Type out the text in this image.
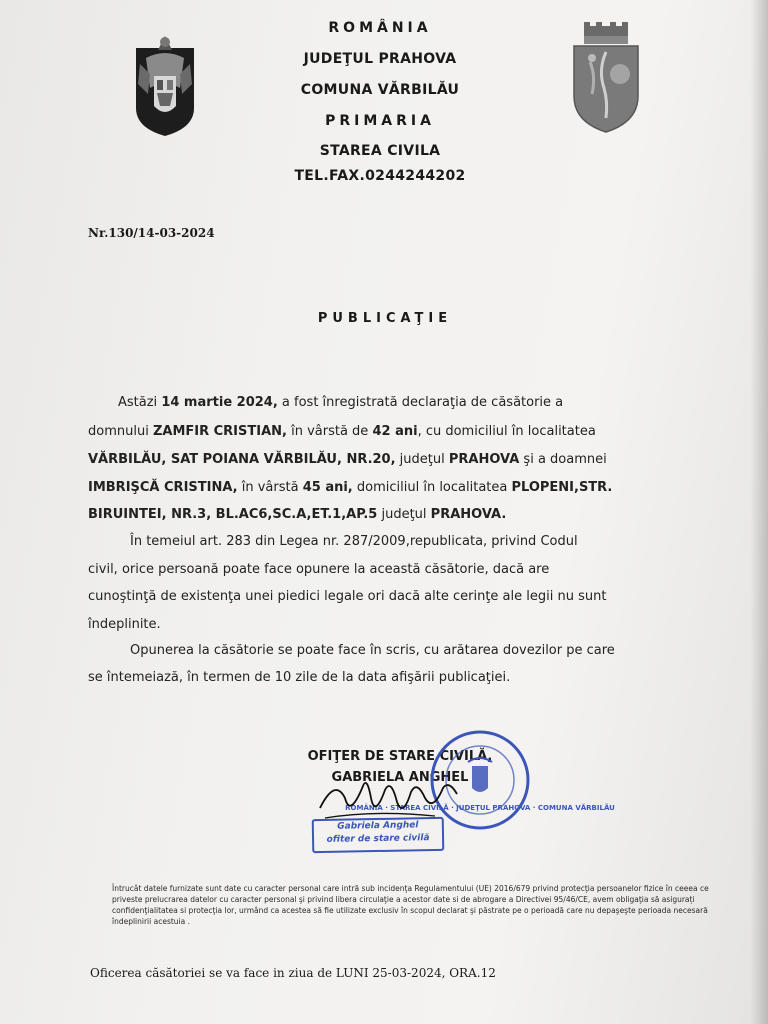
ROMÂNIA
JUDEŢUL PRAHOVA
COMUNA VĂRBILĂU
PRIMARIA
STAREA CIVILA
TEL.FAX.0244244202
Nr.130/14-03-2024
PUBLICAŢIE
Astăzi 14 martie 2024, a fost înregistrată declaraţia de căsătorie a
domnului ZAMFIR CRISTIAN, în vârstă de 42 ani, cu domiciliul în localitatea
VĂRBILĂU, SAT POIANA VĂRBILĂU, NR.20, judeţul PRAHOVA şi a doamnei
IMBRIŞCĂ CRISTINA, în vârstă 45 ani, domiciliul în localitatea PLOPENI,STR.
BIRUINTEI, NR.3, BL.AC6,SC.A,ET.1,AP.5 judeţul PRAHOVA.
În temeiul art. 283 din Legea nr. 287/2009,republicata, privind Codul
civil, orice persoană poate face opunere la această căsătorie, dacă are
cunoştinţă de existenţa unei piedici legale ori dacă alte cerinţe ale legii nu sunt
îndeplinite.
Opunerea la căsătorie se poate face în scris, cu arătarea dovezilor pe care
se întemeiază, în termen de 10 zile de la data afişării publicaţiei.
OFIŢER DE STARE CIVILĂ,
GABRIELA ANGHEL
ROMÂNIA · STAREA CIVILĂ · JUDEŢUL PRAHOVA · COMUNA VĂRBILĂU
Gabriela Anghel
ofiter de stare civilă
Întrucât datele furnizate sunt date cu caracter personal care intră sub incidenţa Regulamentului (UE) 2016/679 privind protecţia persoanelor fizice în ceeea ce priveste prelucrarea datelor cu caracter personal şi privind libera circulaţie a acestor date si de abrogare a Directivei 95/46/CE, avem obligaţia să asigurați confidenţialitatea si protecţia lor, urmând ca acestea să fie utilizate exclusiv în scopul declarat şi păstrate pe o perioadă care nu depaşeşte perioada necesară îndeplinirii acestuia .
Oficerea căsătoriei se va face in ziua de LUNI 25-03-2024, ORA.12
